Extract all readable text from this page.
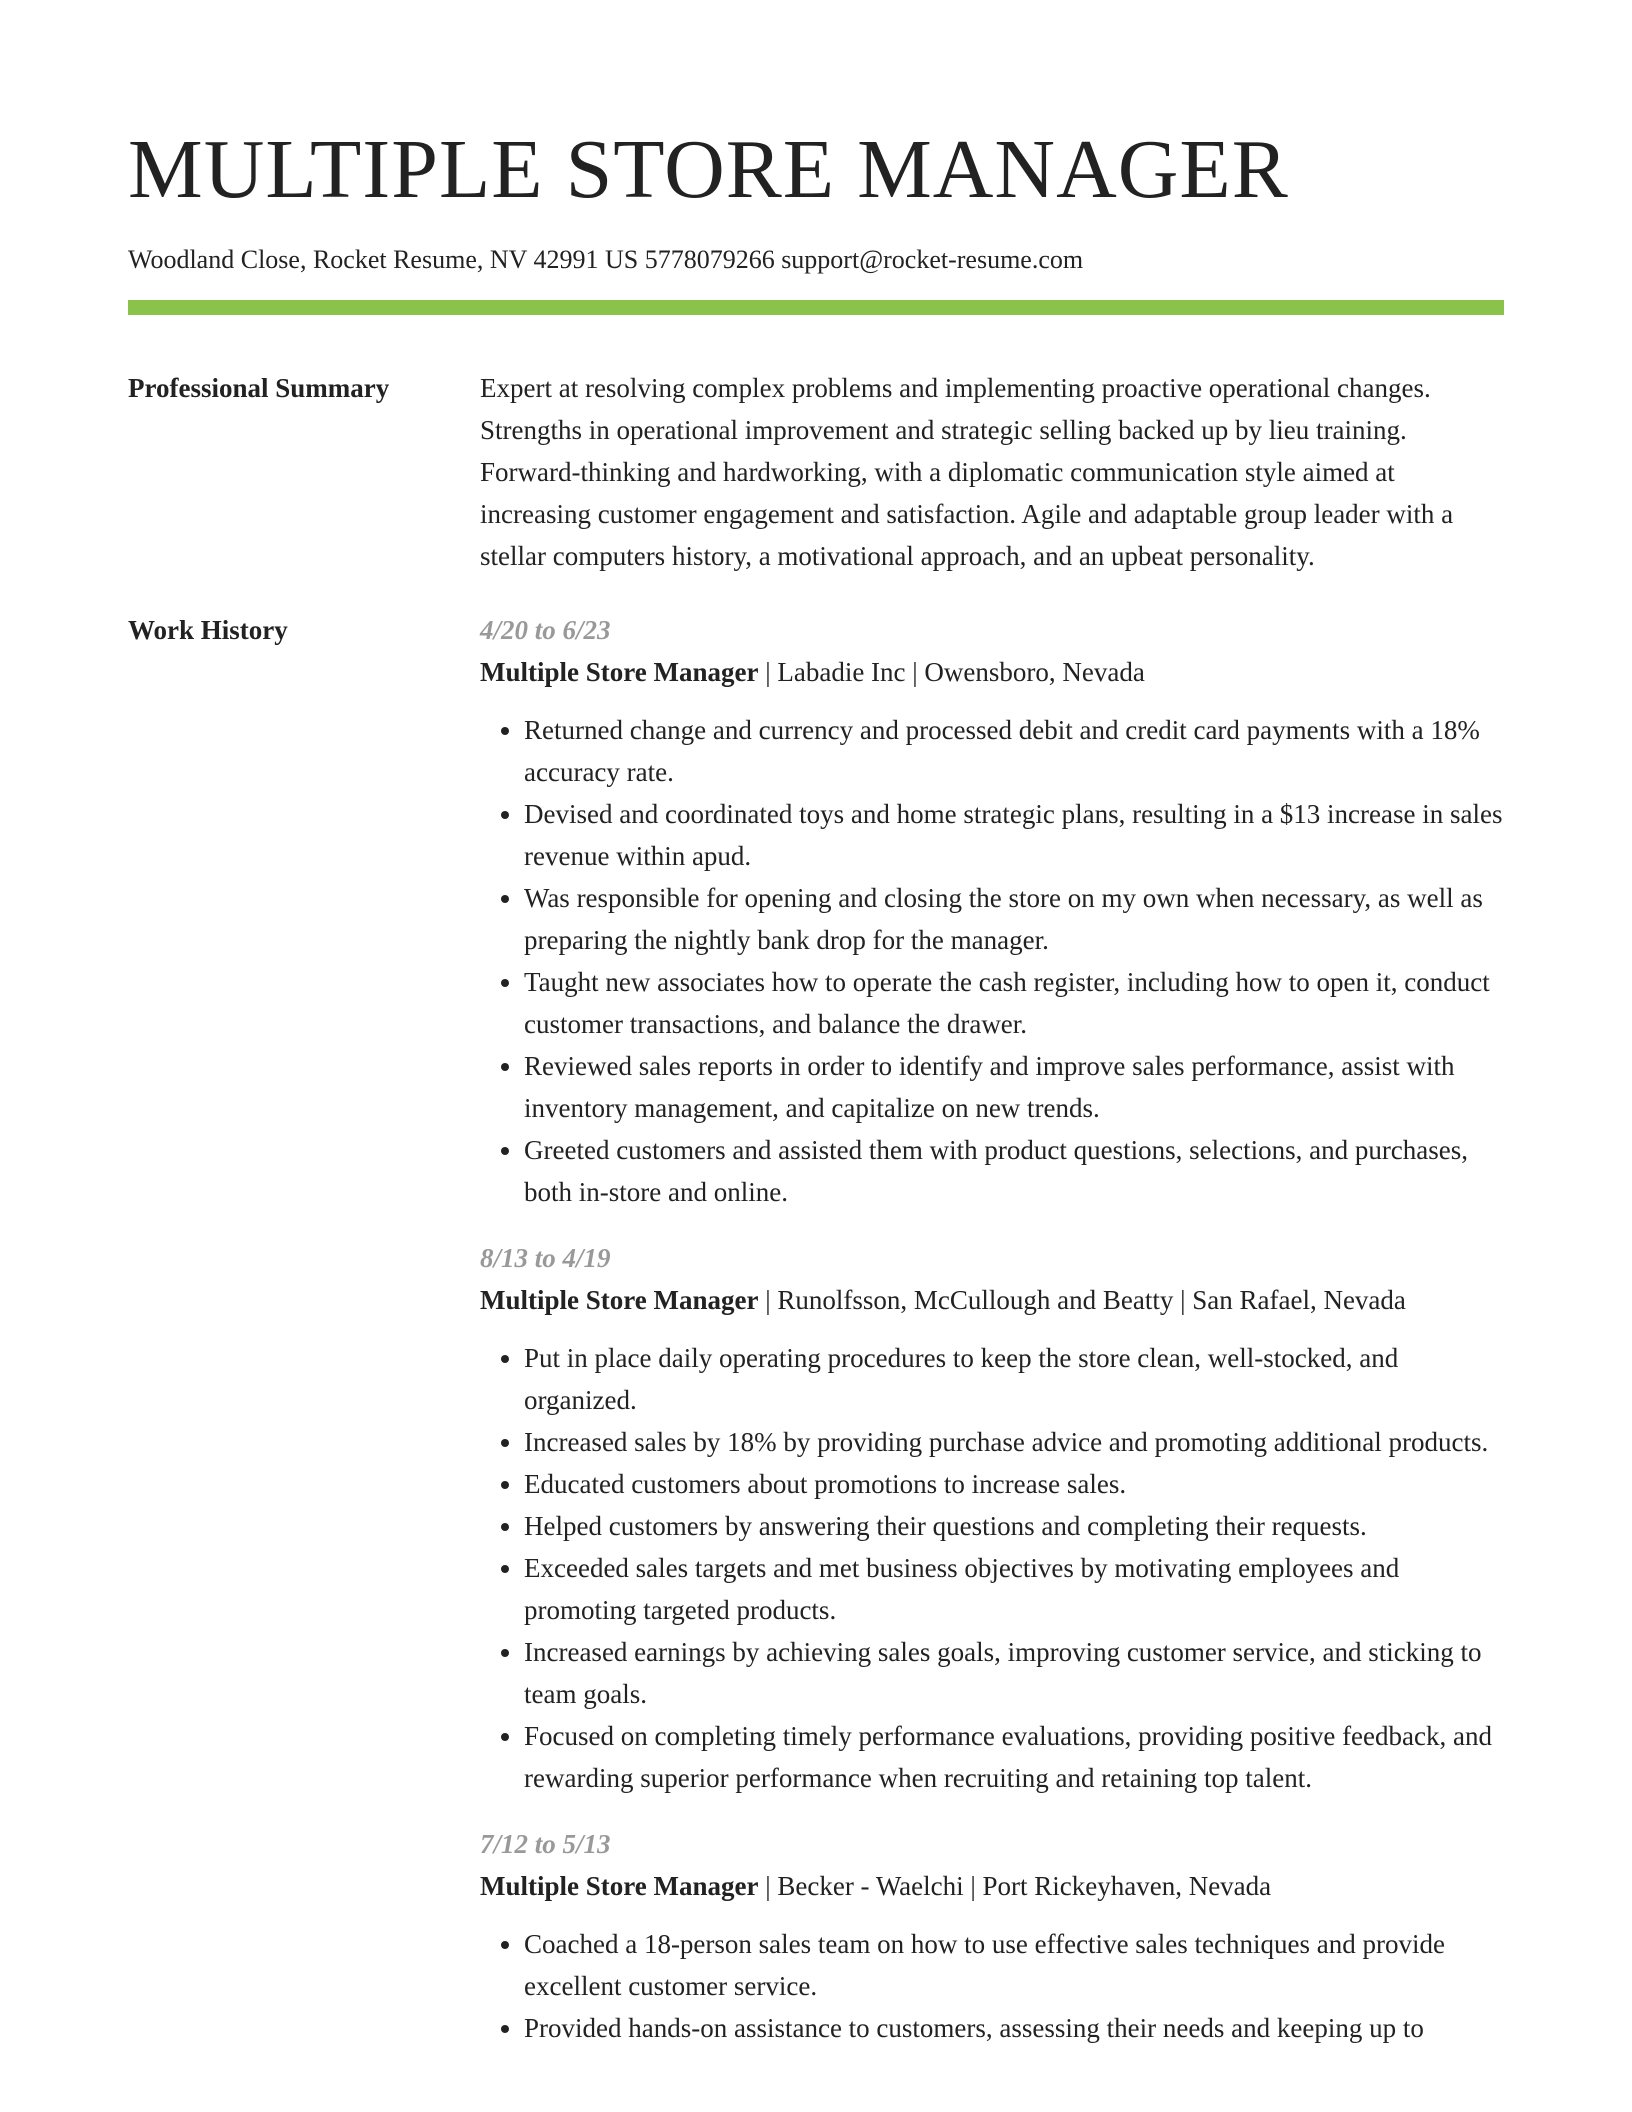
MULTIPLE STORE MANAGER
Woodland Close, Rocket Resume, NV 42991 US 5778079266 support@rocket-resume.com
Professional Summary	Expert at resolving complex problems and implementing proactive operational changes. Strengths in operational improvement and strategic selling backed up by lieu training. Forward-thinking and hardworking, with a diplomatic communication style aimed at increasing customer engagement and satisfaction. Agile and adaptable group leader with a stellar computers history, a motivational approach, and an upbeat personality.
Work History	4/20 to 6/23
Multiple Store Manager | Labadie Inc | Owensboro, Nevada
• Returned change and currency and processed debit and credit card payments with a 18% accuracy rate.
• Devised and coordinated toys and home strategic plans, resulting in a $13 increase in sales revenue within apud.
• Was responsible for opening and closing the store on my own when necessary, as well as preparing the nightly bank drop for the manager.
• Taught new associates how to operate the cash register, including how to open it, conduct customer transactions, and balance the drawer.
• Reviewed sales reports in order to identify and improve sales performance, assist with inventory management, and capitalize on new trends.
• Greeted customers and assisted them with product questions, selections, and purchases, both in-store and online.
8/13 to 4/19
Multiple Store Manager | Runolfsson, McCullough and Beatty | San Rafael, Nevada
• Put in place daily operating procedures to keep the store clean, well-stocked, and organized.
• Increased sales by 18% by providing purchase advice and promoting additional products.
• Educated customers about promotions to increase sales.
• Helped customers by answering their questions and completing their requests.
• Exceeded sales targets and met business objectives by motivating employees and promoting targeted products.
• Increased earnings by achieving sales goals, improving customer service, and sticking to team goals.
• Focused on completing timely performance evaluations, providing positive feedback, and rewarding superior performance when recruiting and retaining top talent.
7/12 to 5/13
Multiple Store Manager | Becker - Waelchi | Port Rickeyhaven, Nevada
• Coached a 18-person sales team on how to use effective sales techniques and provide excellent customer service.
• Provided hands-on assistance to customers, assessing their needs and keeping up to
